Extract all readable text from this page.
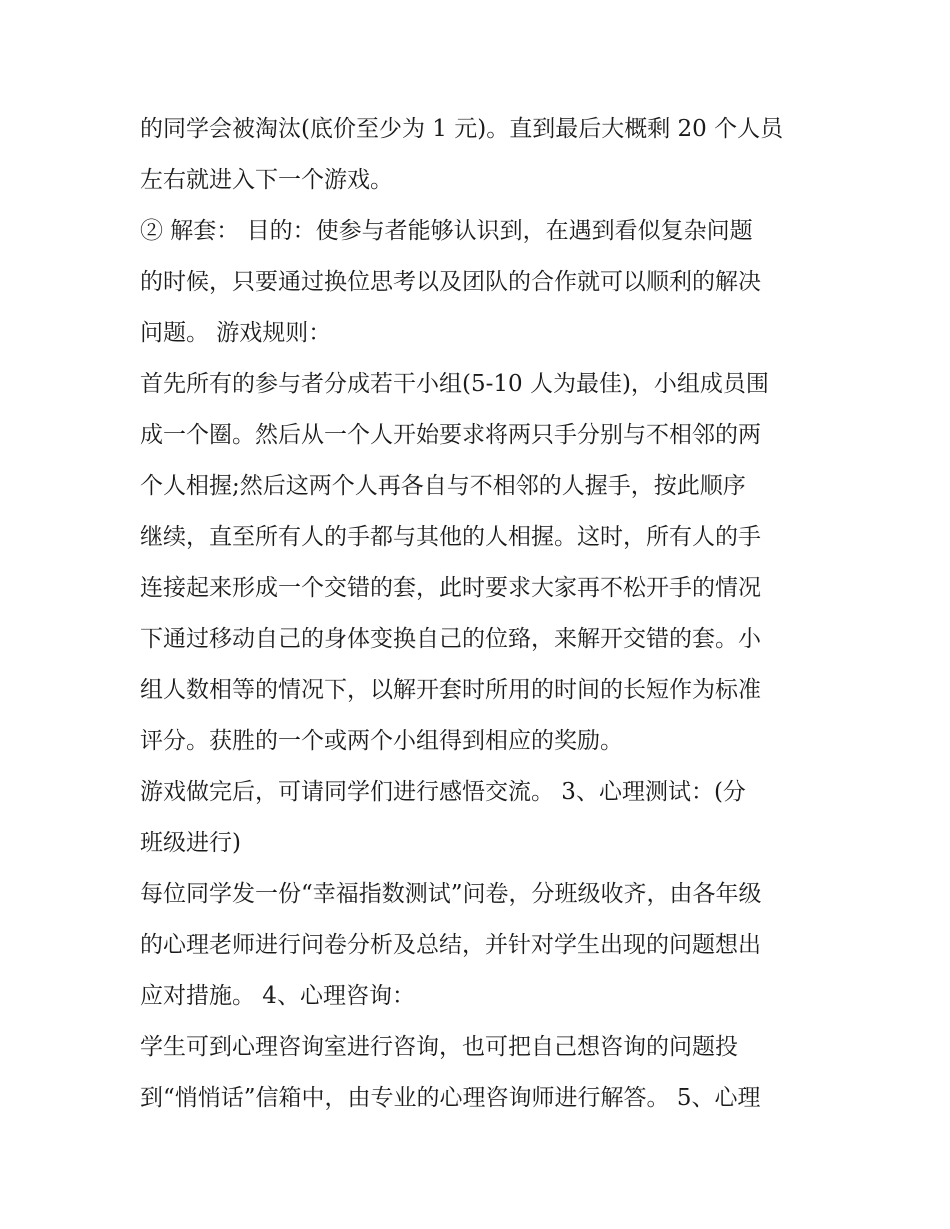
的同学会被淘汰(底价至少为 1 元)。直到最后大概剩 20 个人员
左右就进入下一个游戏。
② 解套： 目的：使参与者能够认识到，在遇到看似复杂问题
的时候，只要通过换位思考以及团队的合作就可以顺利的解决
问题。 游戏规则：
首先所有的参与者分成若干小组(5-10 人为最佳)，小组成员围
成一个圈。然后从一个人开始要求将两只手分别与不相邻的两
个人相握;然后这两个人再各自与不相邻的人握手，按此顺序
继续，直至所有人的手都与其他的人相握。这时，所有人的手
连接起来形成一个交错的套，此时要求大家再不松开手的情况
下通过移动自己的身体变换自己的位臵，来解开交错的套。小
组人数相等的情况下，以解开套时所用的时间的长短作为标准
评分。获胜的一个或两个小组得到相应的奖励。
游戏做完后，可请同学们进行感悟交流。 3、心理测试：(分
班级进行)
每位同学发一份“幸福指数测试”问卷，分班级收齐，由各年级
的心理老师进行问卷分析及总结，并针对学生出现的问题想出
应对措施。 4、心理咨询：
学生可到心理咨询室进行咨询，也可把自己想咨询的问题投
到“悄悄话”信箱中，由专业的心理咨询师进行解答。 5、心理
